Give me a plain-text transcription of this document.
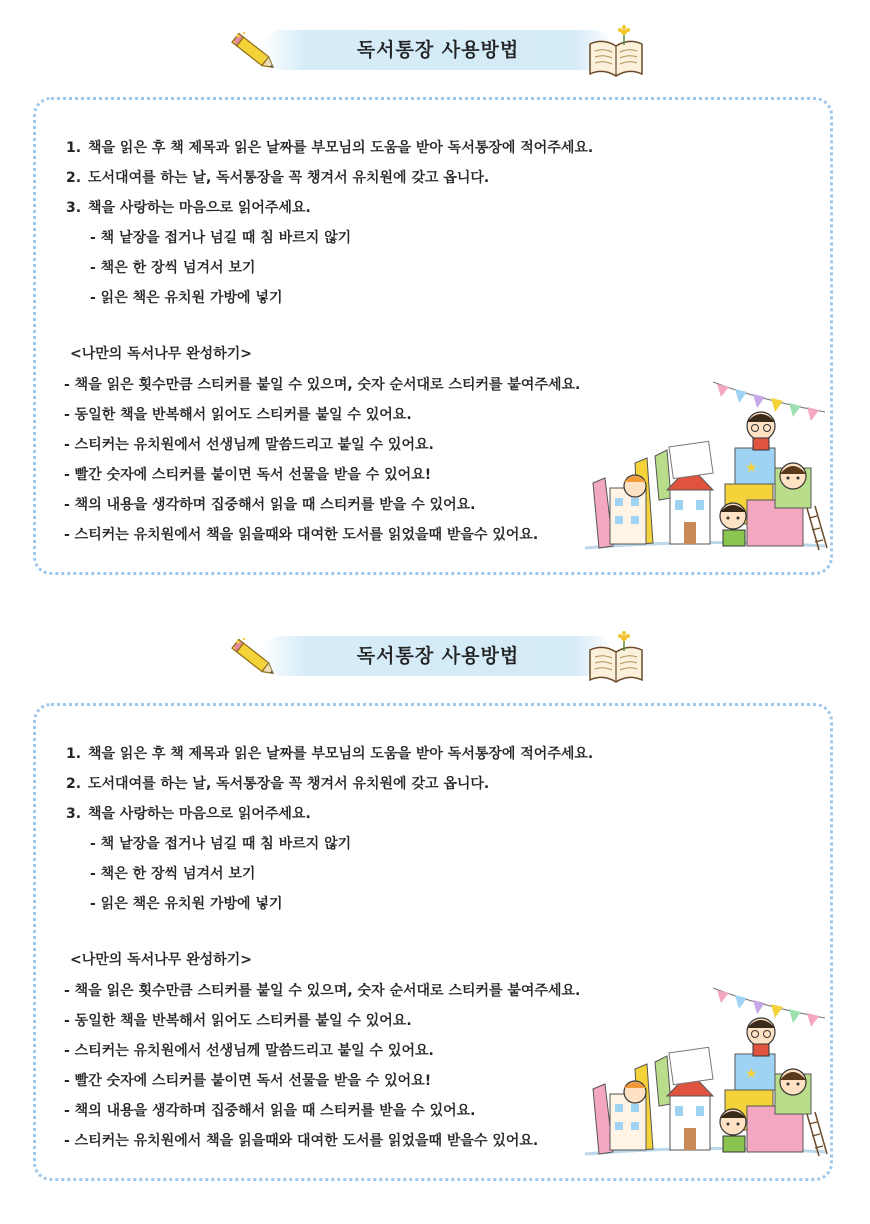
독서통장 사용방법
1. 책을 읽은 후 책 제목과 읽은 날짜를 부모님의 도움을 받아 독서통장에 적어주세요.
2. 도서대여를 하는 날, 독서통장을 꼭 챙겨서 유치원에 갖고 옵니다.
3. 책을 사랑하는 마음으로 읽어주세요.
- 책 낱장을 접거나 넘길 때 침 바르지 않기
- 책은 한 장씩 넘겨서 보기
- 읽은 책은 유치원 가방에 넣기
<나만의 독서나무 완성하기>
- 책을 읽은 횟수만큼 스티커를 붙일 수 있으며, 숫자 순서대로 스티커를 붙여주세요.
- 동일한 책을 반복해서 읽어도 스티커를 붙일 수 있어요.
- 스티커는 유치원에서 선생님께 말씀드리고 붙일 수 있어요.
- 빨간 숫자에 스티커를 붙이면 독서 선물을 받을 수 있어요!
- 책의 내용을 생각하며 집중해서 읽을 때 스티커를 받을 수 있어요.
- 스티커는 유치원에서 책을 읽을때와 대여한 도서를 읽었을때 받을수 있어요.
★
독서통장 사용방법
1. 책을 읽은 후 책 제목과 읽은 날짜를 부모님의 도움을 받아 독서통장에 적어주세요.
2. 도서대여를 하는 날, 독서통장을 꼭 챙겨서 유치원에 갖고 옵니다.
3. 책을 사랑하는 마음으로 읽어주세요.
- 책 낱장을 접거나 넘길 때 침 바르지 않기
- 책은 한 장씩 넘겨서 보기
- 읽은 책은 유치원 가방에 넣기
<나만의 독서나무 완성하기>
- 책을 읽은 횟수만큼 스티커를 붙일 수 있으며, 숫자 순서대로 스티커를 붙여주세요.
- 동일한 책을 반복해서 읽어도 스티커를 붙일 수 있어요.
- 스티커는 유치원에서 선생님께 말씀드리고 붙일 수 있어요.
- 빨간 숫자에 스티커를 붙이면 독서 선물을 받을 수 있어요!
- 책의 내용을 생각하며 집중해서 읽을 때 스티커를 받을 수 있어요.
- 스티커는 유치원에서 책을 읽을때와 대여한 도서를 읽었을때 받을수 있어요.
★
